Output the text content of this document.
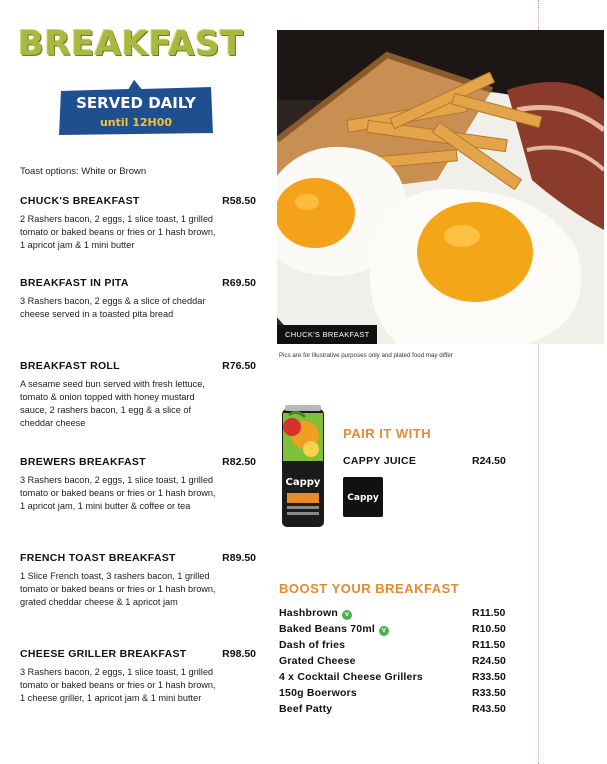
BREAKFAST
SERVED DAILY
until 12H00
Toast options: White or Brown
CHUCK'S BREAKFAST	R58.50
2 Rashers bacon, 2 eggs, 1 slice toast, 1 grilled tomato or baked beans or fries or 1 hash brown, 1 apricot jam & 1 mini butter
BREAKFAST IN PITA	R69.50
3 Rashers bacon, 2 eggs & a slice of cheddar cheese served in a toasted pita bread
BREAKFAST ROLL	R76.50
A sesame seed bun served with fresh lettuce, tomato & onion topped with honey mustard sauce, 2 rashers bacon, 1 egg & a slice of cheddar cheese
BREWERS BREAKFAST	R82.50
3 Rashers bacon, 2 eggs, 1 slice toast, 1 grilled tomato or baked beans or fries or 1 hash brown, 1 apricot jam, 1 mini butter & coffee or tea
FRENCH TOAST BREAKFAST	R89.50
1 Slice French toast, 3 rashers bacon, 1 grilled tomato or baked beans or fries or 1 hash brown, grated cheddar cheese & 1 apricot jam
CHEESE GRILLER BREAKFAST	R98.50
3 Rashers bacon, 2 eggs, 1 slice toast, 1 grilled tomato or baked beans or fries or 1 hash brown, 1 cheese griller, 1 apricot jam & 1 mini butter
CHUCK'S BREAKFAST
Pics are for illustrative purposes only and plated food may differ
Cappy
PAIR IT WITH
CAPPY JUICE	R24.50
Cappy
BOOST YOUR BREAKFAST
Hashbrown v	R11.50
Baked Beans 70ml v	R10.50
Dash of fries	R11.50
Grated Cheese	R24.50
4 x Cocktail Cheese Grillers	R33.50
150g Boerwors	R33.50
Beef Patty	R43.50
